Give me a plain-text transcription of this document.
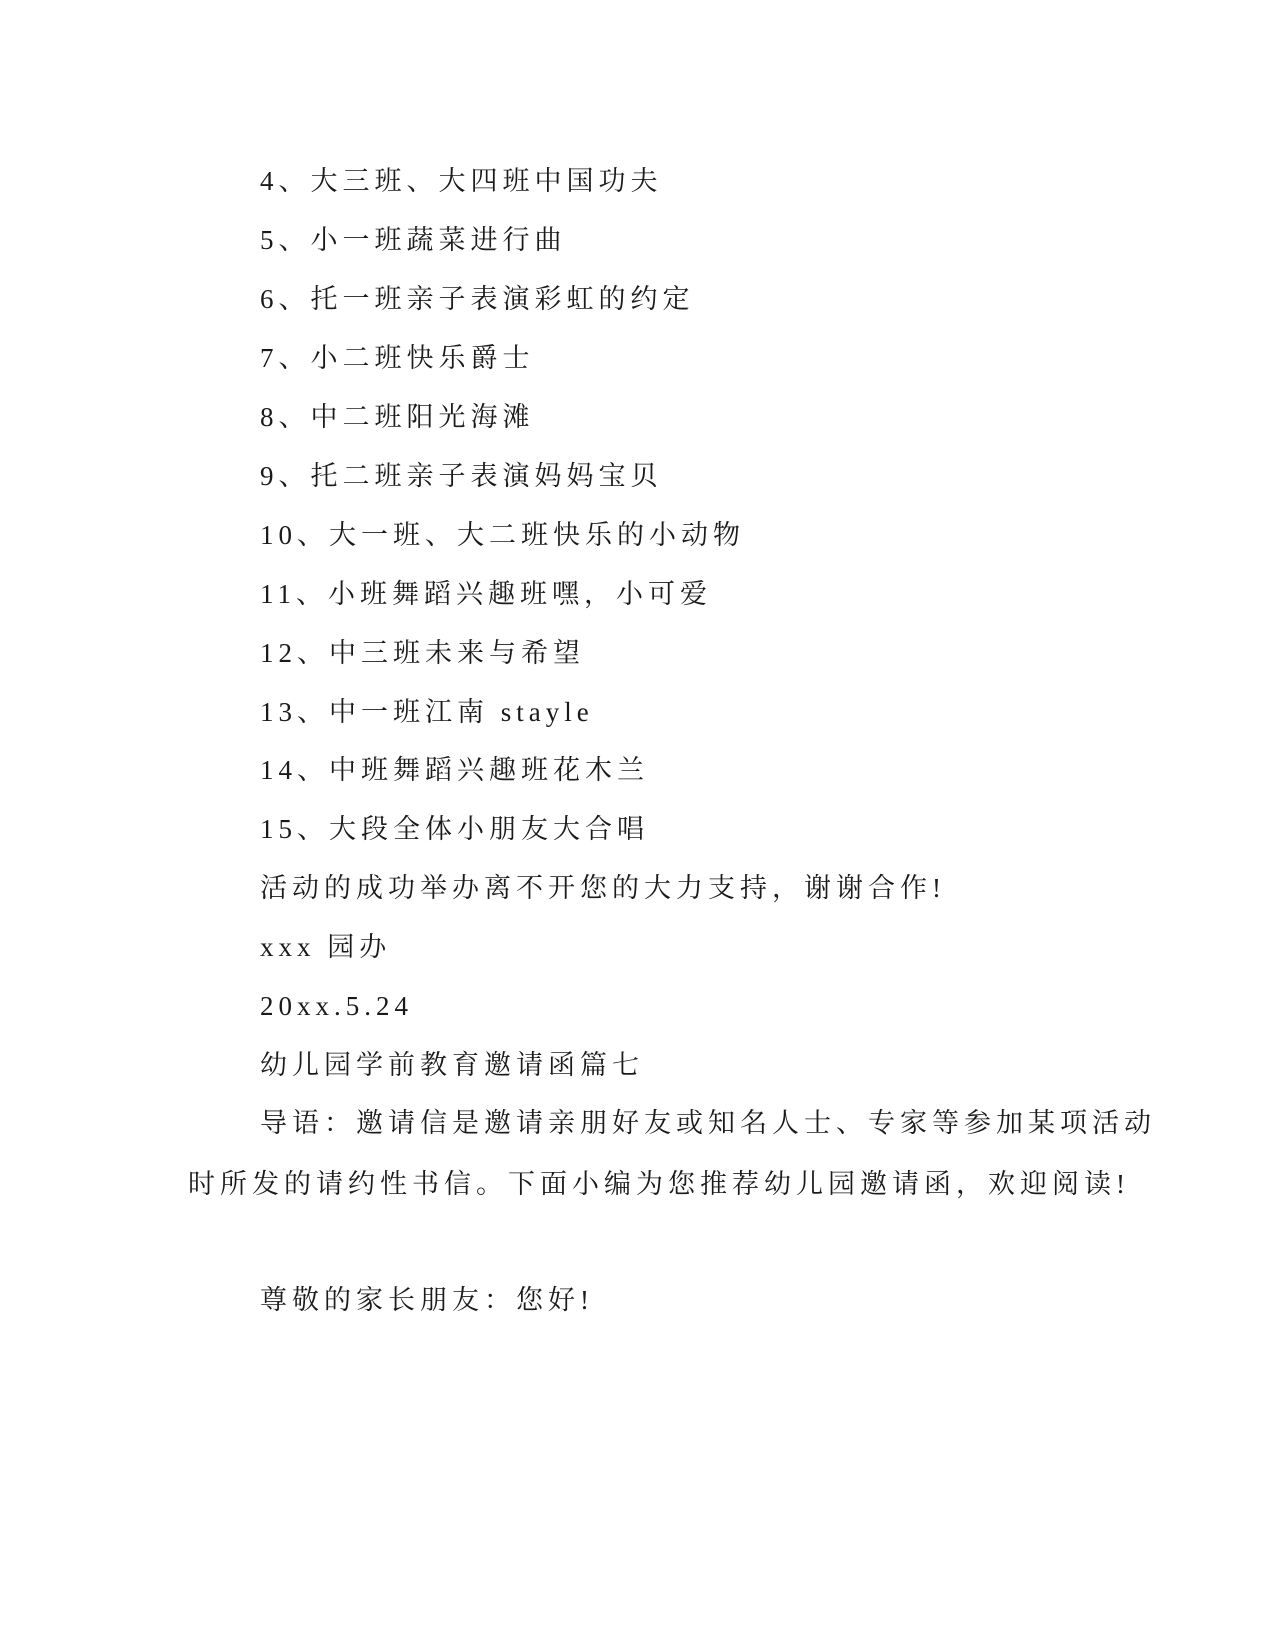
4、大三班、大四班中国功夫
5、小一班蔬菜进行曲
6、托一班亲子表演彩虹的约定
7、小二班快乐爵士
8、中二班阳光海滩
9、托二班亲子表演妈妈宝贝
10、大一班、大二班快乐的小动物
11、小班舞蹈兴趣班嘿，小可爱
12、中三班未来与希望
13、中一班江南 stayle
14、中班舞蹈兴趣班花木兰
15、大段全体小朋友大合唱
活动的成功举办离不开您的大力支持，谢谢合作!
xxx 园办
20xx.5.24
幼儿园学前教育邀请函篇七
导语：邀请信是邀请亲朋好友或知名人士、专家等参加某项活动
时所发的请约性书信。下面小编为您推荐幼儿园邀请函，欢迎阅读!
尊敬的家长朋友：您好!
